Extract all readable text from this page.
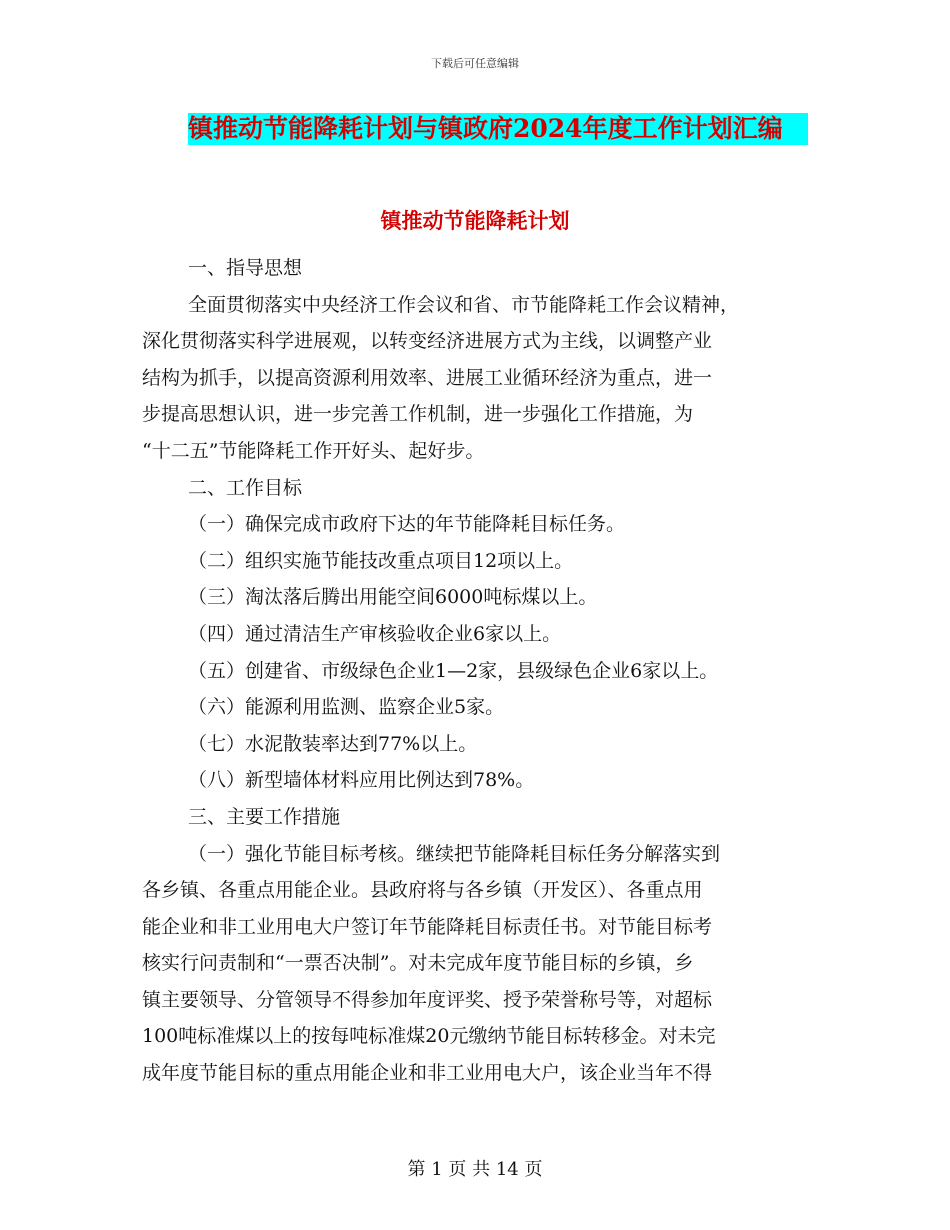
下载后可任意编辑
镇推动节能降耗计划与镇政府2024年度工作计划汇编
镇推动节能降耗计划

一、指导思想

全面贯彻落实中央经济工作会议和省、市节能降耗工作会议精神，

深化贯彻落实科学进展观，以转变经济进展方式为主线，以调整产业

结构为抓手，以提高资源利用效率、进展工业循环经济为重点，进一

步提高思想认识，进一步完善工作机制，进一步强化工作措施，为

“十二五”节能降耗工作开好头、起好步。

二、工作目标

（一）确保完成市政府下达的年节能降耗目标任务。

（二）组织实施节能技改重点项目12项以上。

（三）淘汰落后腾出用能空间6000吨标煤以上。

（四）通过清洁生产审核验收企业6家以上。

（五）创建省、市级绿色企业1—2家，县级绿色企业6家以上。

（六）能源利用监测、监察企业5家。

（七）水泥散装率达到77%以上。

（八）新型墙体材料应用比例达到78%。

三、主要工作措施

（一）强化节能目标考核。继续把节能降耗目标任务分解落实到

各乡镇、各重点用能企业。县政府将与各乡镇（开发区）、各重点用

能企业和非工业用电大户签订年节能降耗目标责任书。对节能目标考

核实行问责制和“一票否决制”。对未完成年度节能目标的乡镇，乡

镇主要领导、分管领导不得参加年度评奖、授予荣誉称号等，对超标

100吨标准煤以上的按每吨标准煤20元缴纳节能目标转移金。对未完

成年度节能目标的重点用能企业和非工业用电大户，该企业当年不得

第 1 页 共 14 页
